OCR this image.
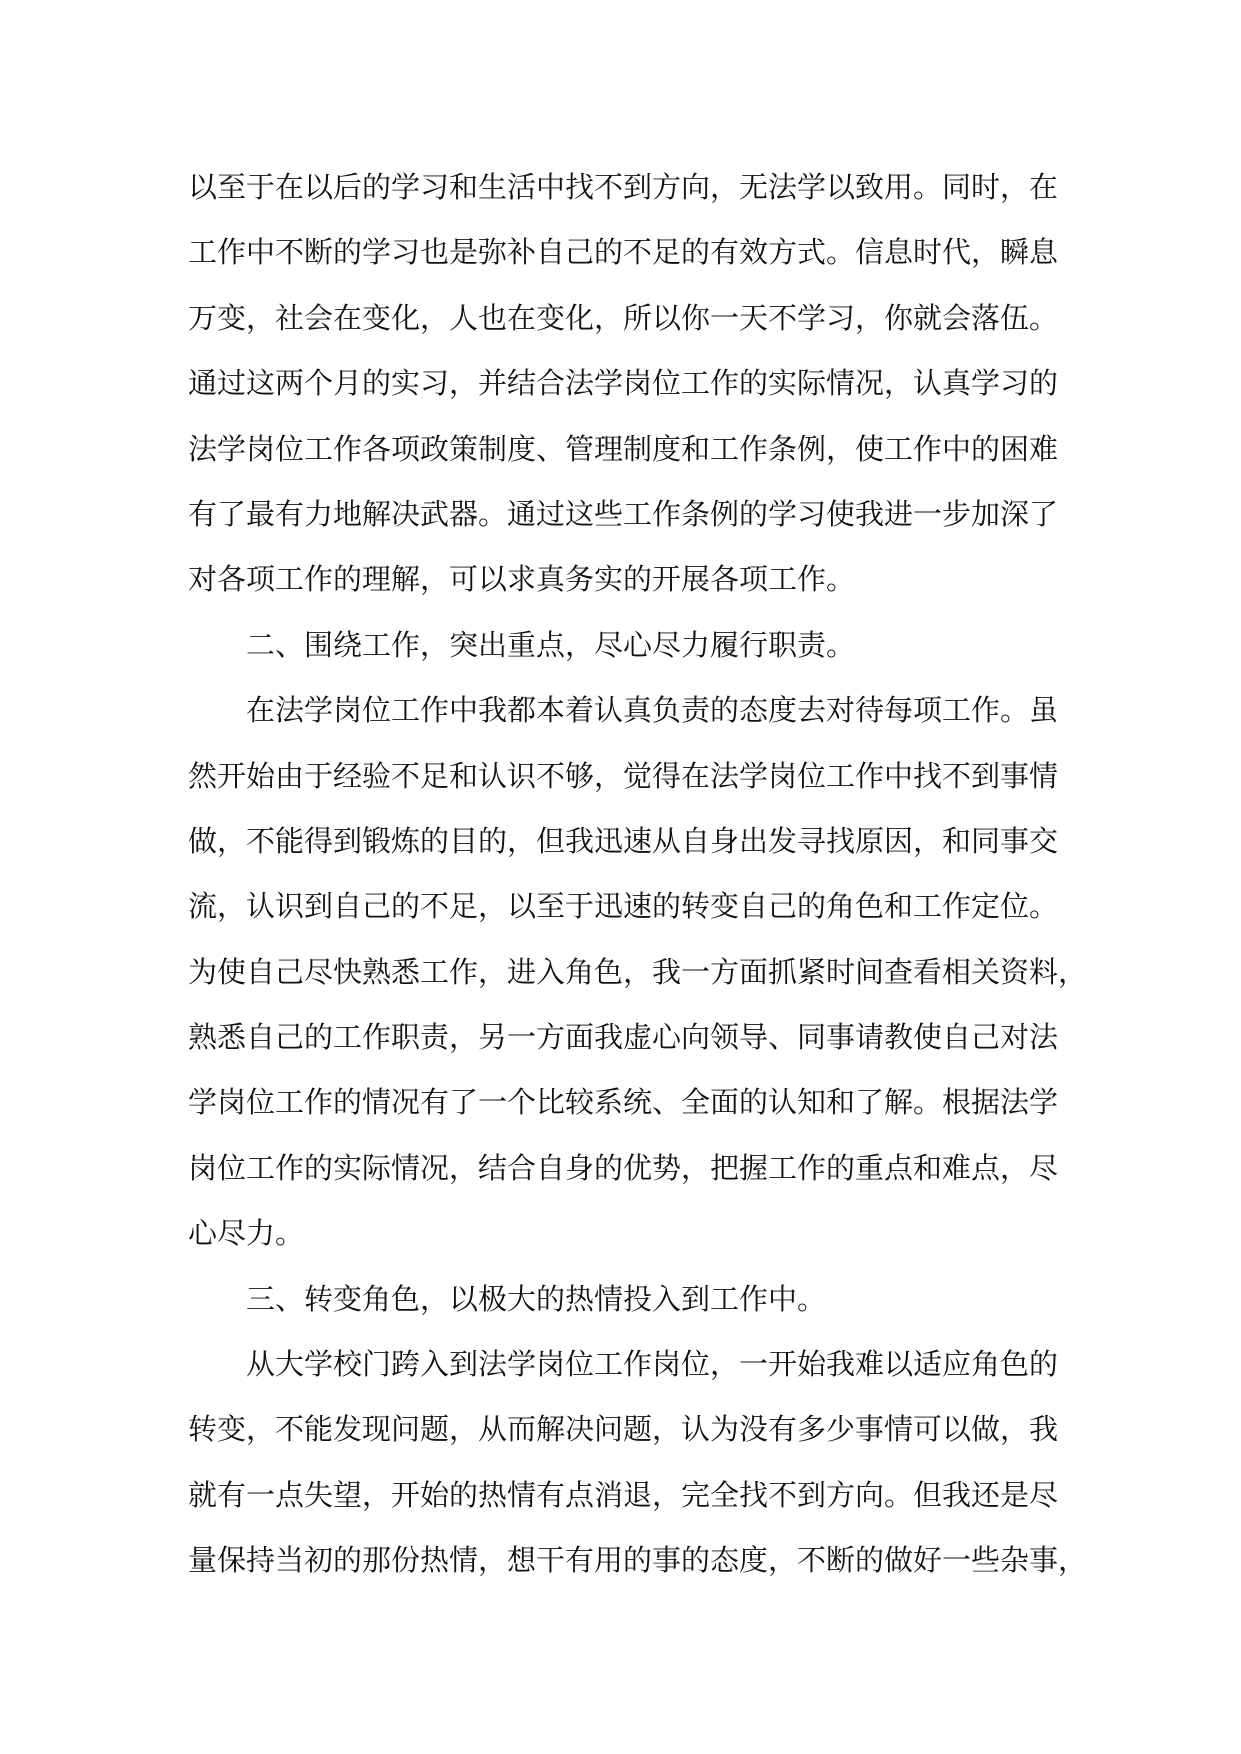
以至于在以后的学习和生活中找不到方向，无法学以致用。同时，在
工作中不断的学习也是弥补自己的不足的有效方式。信息时代，瞬息
万变，社会在变化，人也在变化，所以你一天不学习，你就会落伍。
通过这两个月的实习，并结合法学岗位工作的实际情况，认真学习的
法学岗位工作各项政策制度、管理制度和工作条例，使工作中的困难
有了最有力地解决武器。通过这些工作条例的学习使我进一步加深了
对各项工作的理解，可以求真务实的开展各项工作。
二、围绕工作，突出重点，尽心尽力履行职责。
在法学岗位工作中我都本着认真负责的态度去对待每项工作。虽
然开始由于经验不足和认识不够，觉得在法学岗位工作中找不到事情
做，不能得到锻炼的目的，但我迅速从自身出发寻找原因，和同事交
流，认识到自己的不足，以至于迅速的转变自己的角色和工作定位。
为使自己尽快熟悉工作，进入角色，我一方面抓紧时间查看相关资料，
熟悉自己的工作职责，另一方面我虚心向领导、同事请教使自己对法
学岗位工作的情况有了一个比较系统、全面的认知和了解。根据法学
岗位工作的实际情况，结合自身的优势，把握工作的重点和难点，尽
心尽力。
三、转变角色，以极大的热情投入到工作中。
从大学校门跨入到法学岗位工作岗位，一开始我难以适应角色的
转变，不能发现问题，从而解决问题，认为没有多少事情可以做，我
就有一点失望，开始的热情有点消退，完全找不到方向。但我还是尽
量保持当初的那份热情，想干有用的事的态度，不断的做好一些杂事，
